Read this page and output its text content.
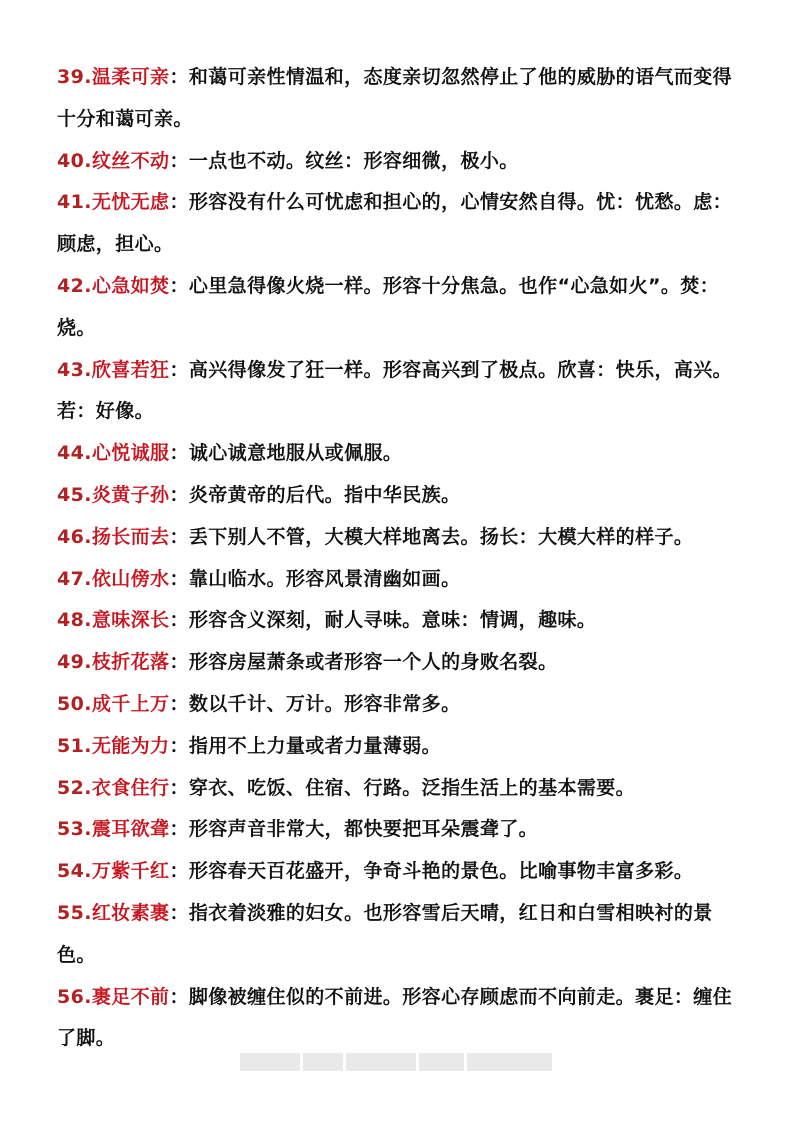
39.温柔可亲：和蔼可亲性情温和，态度亲切忽然停止了他的威胁的语气而变得十分和蔼可亲。

40.纹丝不动：一点也不动。纹丝：形容细微，极小。

41.无忧无虑：形容没有什么可忧虑和担心的，心情安然自得。忧：忧愁。虑：顾虑，担心。

42.心急如焚：心里急得像火烧一样。形容十分焦急。也作“心急如火”。焚：烧。

43.欣喜若狂：高兴得像发了狂一样。形容高兴到了极点。欣喜：快乐，高兴。若：好像。

44.心悦诚服：诚心诚意地服从或佩服。

45.炎黄子孙：炎帝黄帝的后代。指中华民族。

46.扬长而去：丢下别人不管，大模大样地离去。扬长：大模大样的样子。

47.依山傍水：靠山临水。形容风景清幽如画。

48.意味深长：形容含义深刻，耐人寻味。意味：情调，趣味。

49.枝折花落：形容房屋萧条或者形容一个人的身败名裂。

50.成千上万：数以千计、万计。形容非常多。

51.无能为力：指用不上力量或者力量薄弱。

52.衣食住行：穿衣、吃饭、住宿、行路。泛指生活上的基本需要。

53.震耳欲聋：形容声音非常大，都快要把耳朵震聋了。

54.万紫千红：形容春天百花盛开，争奇斗艳的景色。比喻事物丰富多彩。

55.红妆素裹：指衣着淡雅的妇女。也形容雪后天晴，红日和白雪相映衬的景色。

56.裹足不前：脚像被缠住似的不前进。形容心存顾虑而不向前走。裹足：缠住了脚。
